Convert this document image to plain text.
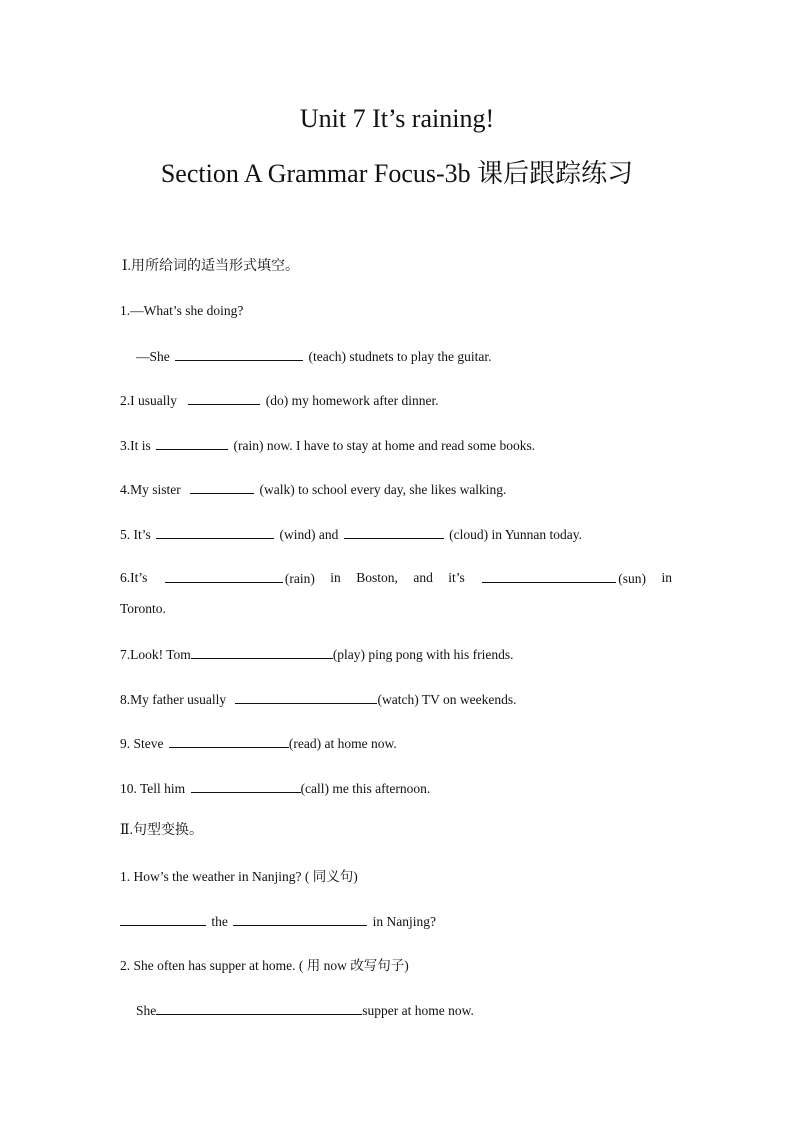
Unit 7 It’s raining!
Section A Grammar Focus-3b 课后跟踪练习
Ⅰ.用所给词的适当形式填空。
1.—What’s she doing?
—She	(teach) studnets to play the guitar.
2.I usually	(do) my homework after dinner.
3.It is	(rain) now. I have to stay at home and read some books.
4.My sister	(walk) to school every day, she likes walking.
5. It’s	(wind) and	(cloud) in Yunnan today.
6.It’s	(rain) in Boston, and it’s	(sun) in
Toronto.
7.Look! Tom	(play) ping pong with his friends.
8.My father usually	(watch) TV on weekends.
9. Steve	(read) at home now.
10. Tell him	(call) me this afternoon.
Ⅱ.句型变换。
1. How’s the weather in Nanjing? ( 同义句)
the	in Nanjing?
2. She often has supper at home. ( 用 now 改写句子)
She	supper at home now.
